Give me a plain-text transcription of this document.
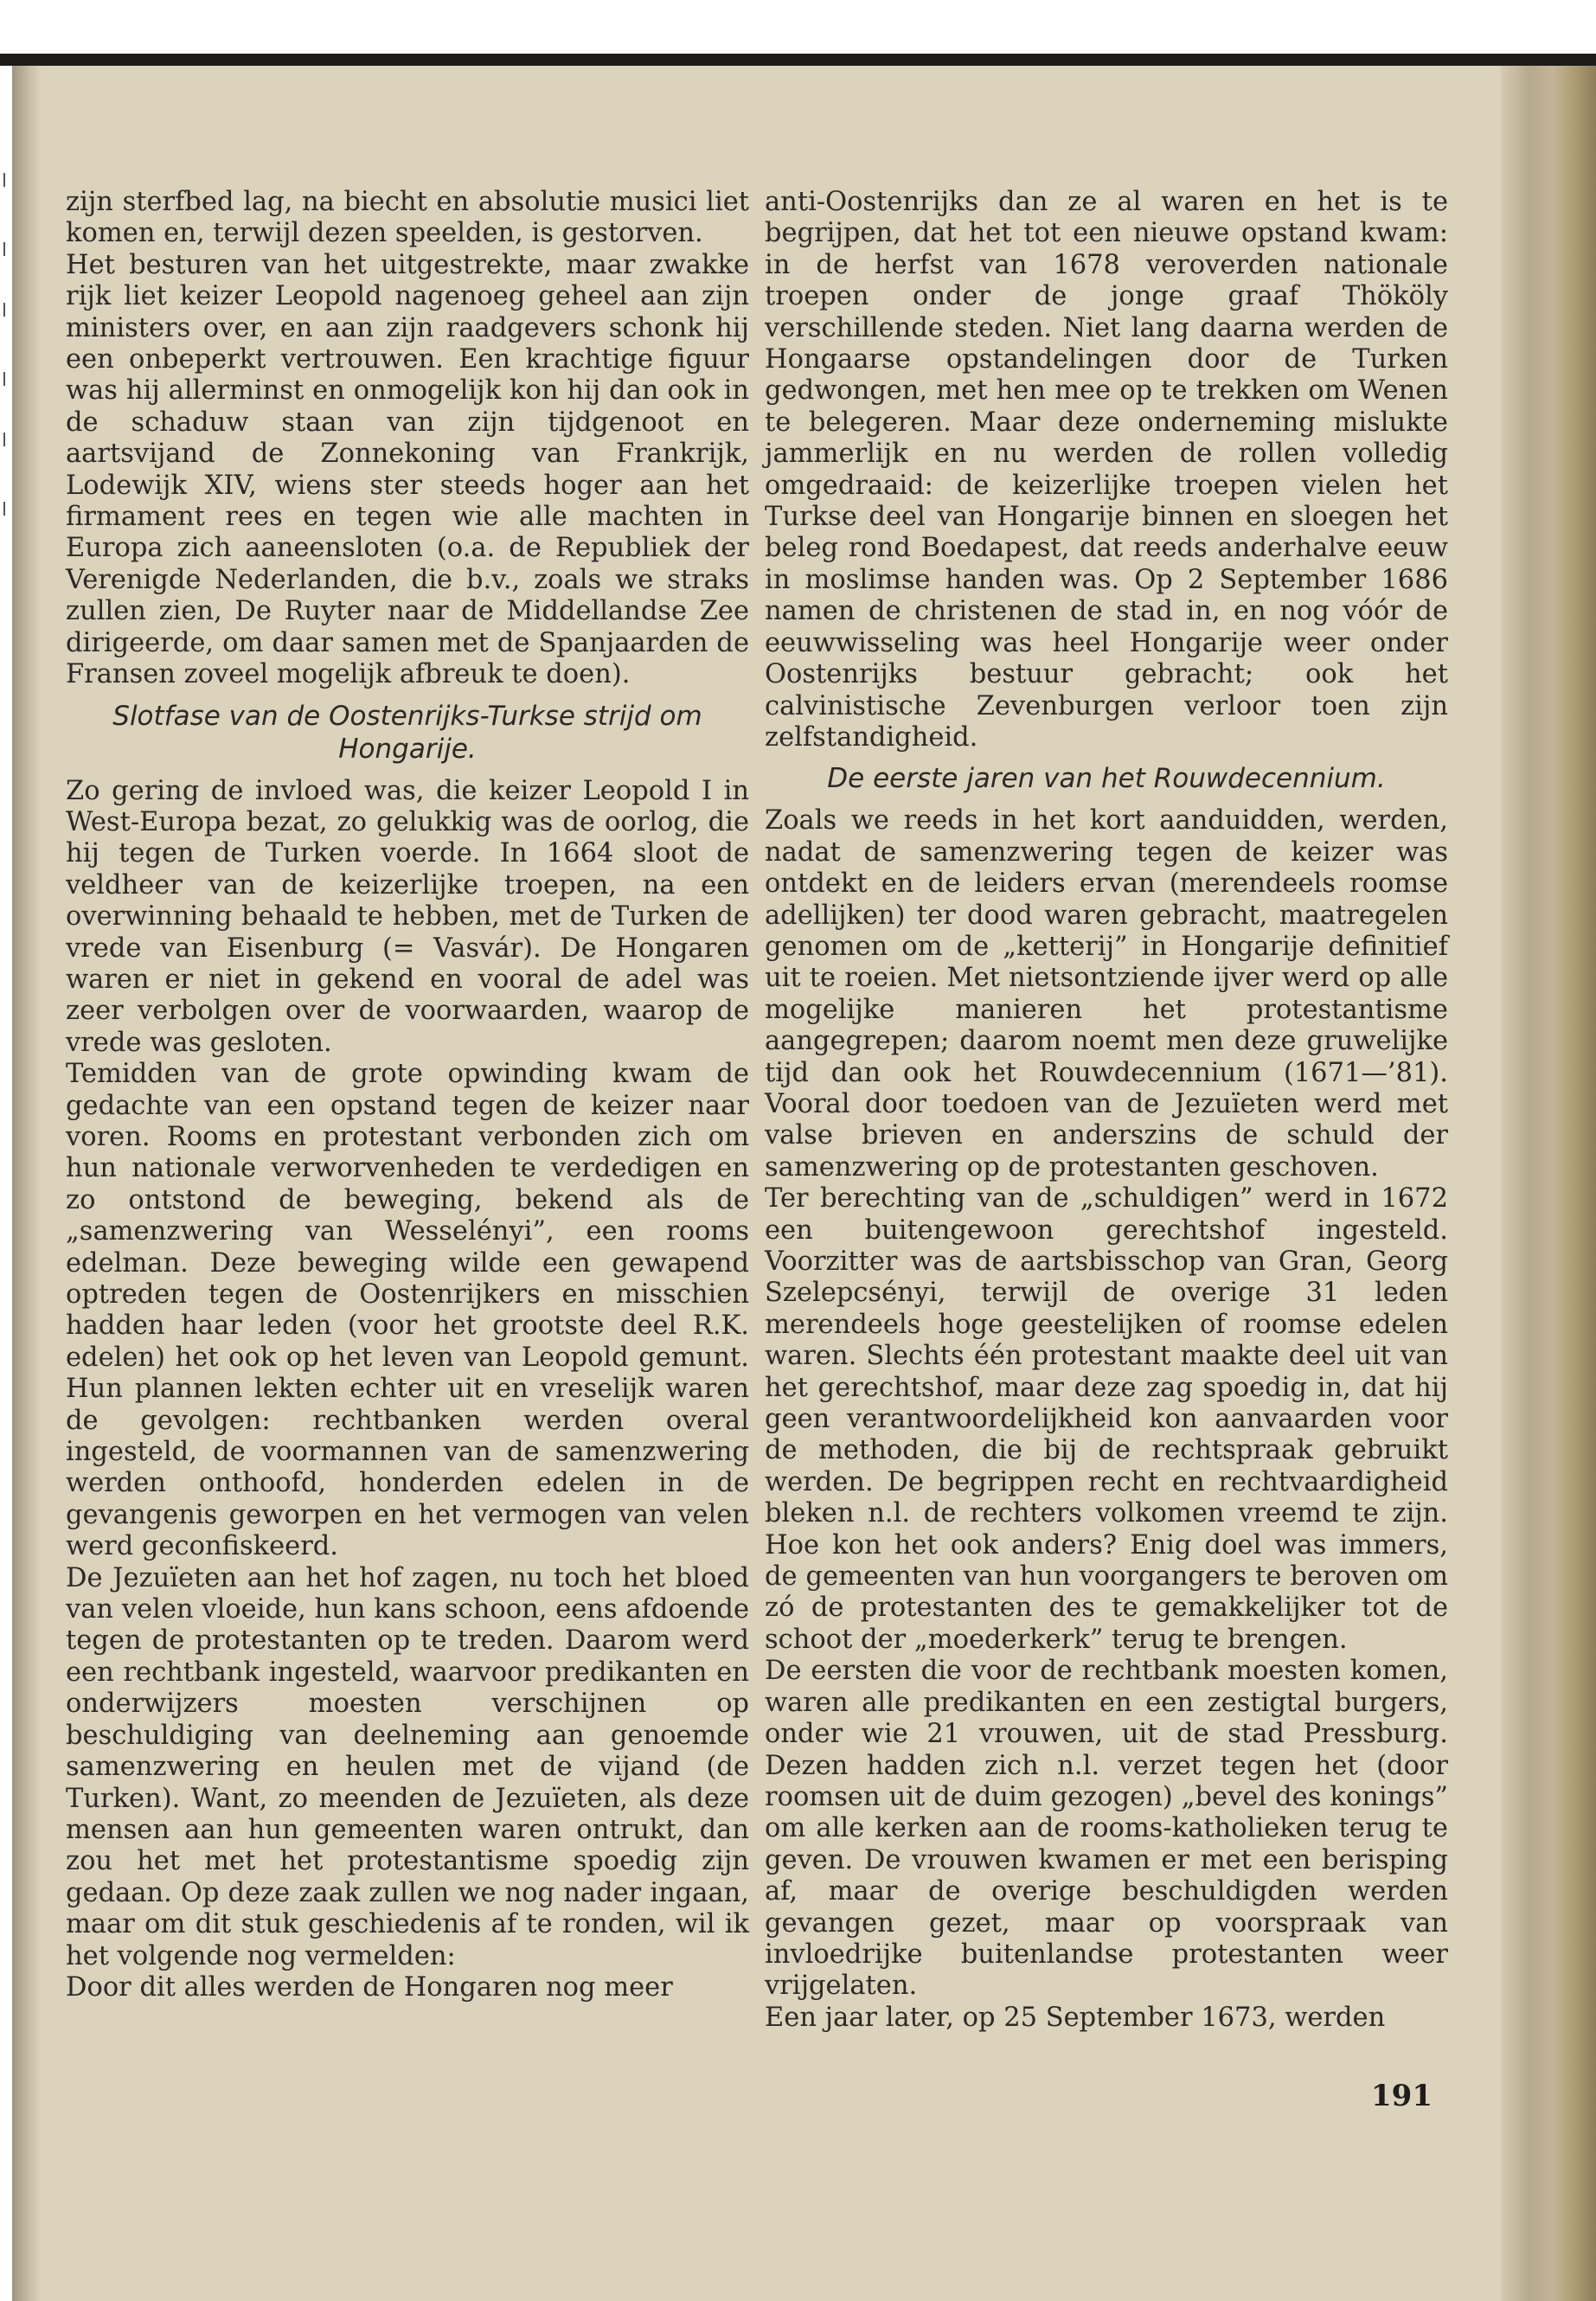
zijn sterfbed lag, na biecht en absolutie musici liet komen en, terwijl dezen speelden, is gestorven.

Het besturen van het uitgestrekte, maar zwakke rijk liet keizer Leopold nagenoeg geheel aan zijn ministers over, en aan zijn raadgevers schonk hij een onbeperkt vertrouwen. Een krachtige figuur was hij allerminst en onmogelijk kon hij dan ook in de schaduw staan van zijn tijdgenoot en aartsvijand de Zonnekoning van Frankrijk, Lodewijk XIV, wiens ster steeds hoger aan het firmament rees en tegen wie alle machten in Europa zich aaneensloten (o.a. de Republiek der Verenigde Nederlanden, die b.v., zoals we straks zullen zien, De Ruyter naar de Middellandse Zee dirigeerde, om daar samen met de Spanjaarden de Fransen zoveel mogelijk afbreuk te doen).

Slotfase van de Oostenrijks-Turkse strijd om Hongarije.

Zo gering de invloed was, die keizer Leopold I in West-Europa bezat, zo gelukkig was de oorlog, die hij tegen de Turken voerde. In 1664 sloot de veldheer van de keizerlijke troepen, na een overwinning behaald te hebben, met de Turken de vrede van Eisenburg (= Vasvár). De Hongaren waren er niet in gekend en vooral de adel was zeer verbolgen over de voorwaarden, waarop de vrede was gesloten.

Temidden van de grote opwinding kwam de gedachte van een opstand tegen de keizer naar voren. Rooms en protestant verbonden zich om hun nationale verworvenheden te verdedigen en zo ontstond de beweging, bekend als de „samenzwering van Wesselényi”, een rooms edelman. Deze beweging wilde een gewapend optreden tegen de Oostenrijkers en misschien hadden haar leden (voor het grootste deel R.K. edelen) het ook op het leven van Leopold gemunt. Hun plannen lekten echter uit en vreselijk waren de gevolgen: rechtbanken werden overal ingesteld, de voormannen van de samenzwering werden onthoofd, honderden edelen in de gevangenis geworpen en het vermogen van velen werd geconfiskeerd.

De Jezuïeten aan het hof zagen, nu toch het bloed van velen vloeide, hun kans schoon, eens afdoende tegen de protestanten op te treden. Daarom werd een rechtbank ingesteld, waarvoor predikanten en onderwijzers moesten verschijnen op beschuldiging van deelneming aan genoemde samenzwering en heulen met de vijand (de Turken). Want, zo meenden de Jezuïeten, als deze mensen aan hun gemeenten waren ontrukt, dan zou het met het protestantisme spoedig zijn gedaan. Op deze zaak zullen we nog nader ingaan, maar om dit stuk geschiedenis af te ronden, wil ik het volgende nog vermelden:

Door dit alles werden de Hongaren nog meer

anti-Oostenrijks dan ze al waren en het is te begrijpen, dat het tot een nieuwe opstand kwam: in de herfst van 1678 veroverden nationale troepen onder de jonge graaf Thököly verschillende steden. Niet lang daarna werden de Hongaarse opstandelingen door de Turken gedwongen, met hen mee op te trekken om Wenen te belegeren. Maar deze onderneming mislukte jammerlijk en nu werden de rollen volledig omgedraaid: de keizerlijke troepen vielen het Turkse deel van Hongarije binnen en sloegen het beleg rond Boedapest, dat reeds anderhalve eeuw in moslimse handen was. Op 2 September 1686 namen de christenen de stad in, en nog vóór de eeuwwisseling was heel Hongarije weer onder Oostenrijks bestuur gebracht; ook het calvinistische Zevenburgen verloor toen zijn zelfstandigheid.

De eerste jaren van het Rouwdecennium.

Zoals we reeds in het kort aanduidden, werden, nadat de samenzwering tegen de keizer was ontdekt en de leiders ervan (merendeels roomse adellijken) ter dood waren gebracht, maatregelen genomen om de „ketterij” in Hongarije definitief uit te roeien. Met nietsontziende ijver werd op alle mogelijke manieren het protestantisme aangegrepen; daarom noemt men deze gruwelijke tijd dan ook het Rouwdecennium (1671—’81). Vooral door toedoen van de Jezuïeten werd met valse brieven en anderszins de schuld der samenzwering op de protestanten geschoven.

Ter berechting van de „schuldigen” werd in 1672 een buitengewoon gerechtshof ingesteld. Voorzitter was de aartsbisschop van Gran, Georg Szelepcsényi, terwijl de overige 31 leden merendeels hoge geestelijken of roomse edelen waren. Slechts één protestant maakte deel uit van het gerechtshof, maar deze zag spoedig in, dat hij geen verantwoordelijkheid kon aanvaarden voor de methoden, die bij de rechtspraak gebruikt werden. De begrippen recht en rechtvaardigheid bleken n.l. de rechters volkomen vreemd te zijn. Hoe kon het ook anders? Enig doel was immers, de gemeenten van hun voorgangers te beroven om zó de protestanten des te gemakkelijker tot de schoot der „moederkerk” terug te brengen.

De eersten die voor de rechtbank moesten komen, waren alle predikanten en een zestigtal burgers, onder wie 21 vrouwen, uit de stad Pressburg. Dezen hadden zich n.l. verzet tegen het (door roomsen uit de duim gezogen) „bevel des konings” om alle kerken aan de rooms-katholieken terug te geven. De vrouwen kwamen er met een berisping af, maar de overige beschuldigden werden gevangen gezet, maar op voorspraak van invloedrijke buitenlandse protestanten weer vrijgelaten.

Een jaar later, op 25 September 1673, werden

191
